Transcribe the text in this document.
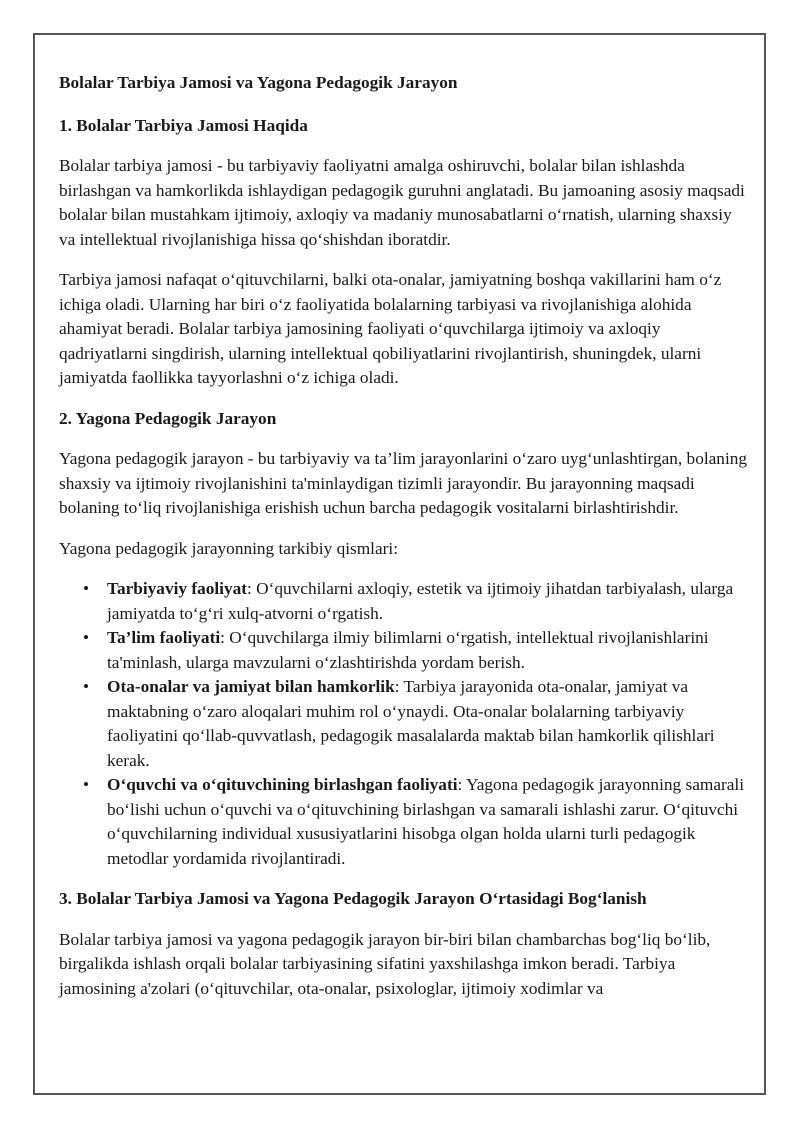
Bolalar Tarbiya Jamosi va Yagona Pedagogik Jarayon
1. Bolalar Tarbiya Jamosi Haqida

Bolalar tarbiya jamosi - bu tarbiyaviy faoliyatni amalga oshiruvchi, bolalar bilan ishlashda birlashgan va hamkorlikda ishlaydigan pedagogik guruhni anglatadi. Bu jamoaning asosiy maqsadi bolalar bilan mustahkam ijtimoiy, axloqiy va madaniy munosabatlarni o‘rnatish, ularning shaxsiy va intellektual rivojlanishiga hissa qo‘shishdan iboratdir.

Tarbiya jamosi nafaqat o‘qituvchilarni, balki ota-onalar, jamiyatning boshqa vakillarini ham o‘z ichiga oladi. Ularning har biri o‘z faoliyatida bolalarning tarbiyasi va rivojlanishiga alohida ahamiyat beradi. Bolalar tarbiya jamosining faoliyati o‘quvchilarga ijtimoiy va axloqiy qadriyatlarni singdirish, ularning intellektual qobiliyatlarini rivojlantirish, shuningdek, ularni jamiyatda faollikka tayyorlashni o‘z ichiga oladi.

2. Yagona Pedagogik Jarayon

Yagona pedagogik jarayon - bu tarbiyaviy va ta’lim jarayonlarini o‘zaro uyg‘unlashtirgan, bolaning shaxsiy va ijtimoiy rivojlanishini ta'minlaydigan tizimli jarayondir. Bu jarayonning maqsadi bolaning to‘liq rivojlanishiga erishish uchun barcha pedagogik vositalarni birlashtirishdir.

Yagona pedagogik jarayonning tarkibiy qismlari:

• Tarbiyaviy faoliyat: O‘quvchilarni axloqiy, estetik va ijtimoiy jihatdan tarbiyalash, ularga jamiyatda to‘g‘ri xulq-atvorni o‘rgatish.
• Ta’lim faoliyati: O‘quvchilarga ilmiy bilimlarni o‘rgatish, intellektual rivojlanishlarini ta'minlash, ularga mavzularni o‘zlashtirishda yordam berish.
• Ota-onalar va jamiyat bilan hamkorlik: Tarbiya jarayonida ota-onalar, jamiyat va maktabning o‘zaro aloqalari muhim rol o‘ynaydi. Ota-onalar bolalarning tarbiyaviy faoliyatini qo‘llab-quvvatlash, pedagogik masalalarda maktab bilan hamkorlik qilishlari kerak.
• O‘quvchi va o‘qituvchining birlashgan faoliyati: Yagona pedagogik jarayonning samarali bo‘lishi uchun o‘quvchi va o‘qituvchining birlashgan va samarali ishlashi zarur. O‘qituvchi o‘quvchilarning individual xususiyatlarini hisobga olgan holda ularni turli pedagogik metodlar yordamida rivojlantiradi.
3. Bolalar Tarbiya Jamosi va Yagona Pedagogik Jarayon O‘rtasidagi Bog‘lanish

Bolalar tarbiya jamosi va yagona pedagogik jarayon bir-biri bilan chambarchas bog‘liq bo‘lib, birgalikda ishlash orqali bolalar tarbiyasining sifatini yaxshilashga imkon beradi. Tarbiya jamosining a'zolari (o‘qituvchilar, ota-onalar, psixologlar, ijtimoiy xodimlar va
